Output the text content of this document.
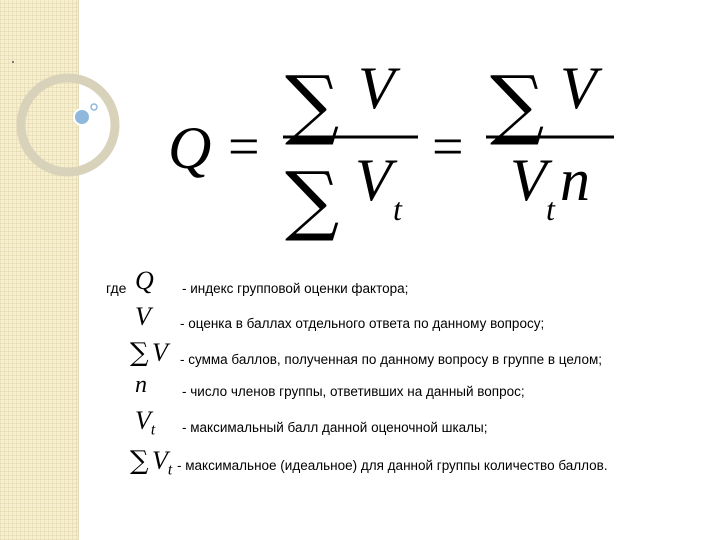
Q = ∑ V
∑ V t
= ∑ V
V t n
где Q - индекс групповой оценки фактора;
V - оценка в баллах отдельного ответа по данному вопросу;
∑ V - сумма баллов, полученная по данному вопросу в группе в целом;
n	- число членов группы, ответивших на данный вопрос;
$V_t$ - максимальный балл данной оценочной шкалы;
∑ $V_t$ - максимальное (идеальное) для данной группы количество баллов.
